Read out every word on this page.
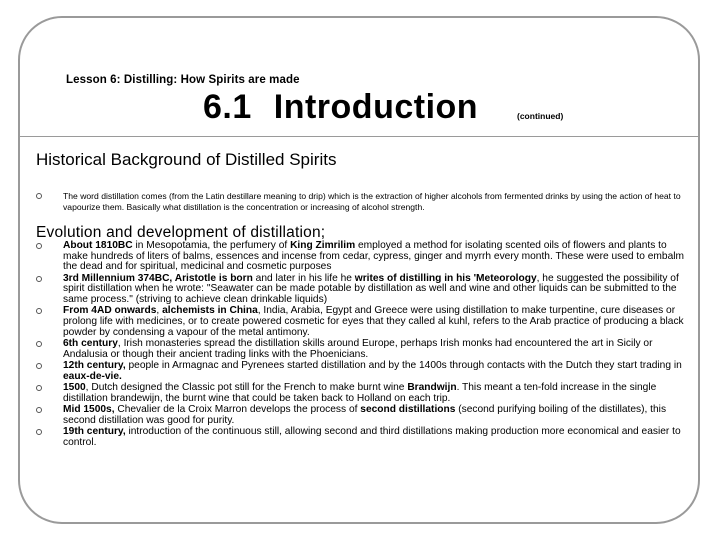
Lesson 6: Distilling: How Spirits are made
6.1 Introduction	(continued)
Historical Background of Distilled Spirits
The word distillation comes (from the Latin destillare meaning to drip) which is the extraction of higher alcohols from fermented drinks by using the action of heat to vapourize them. Basically what distillation is the concentration or increasing of alcohol strength.
Evolution and development of distillation;
About 1810BC in Mesopotamia, the perfumery of King Zimrilim employed a method for isolating scented oils of flowers and plants to make hundreds of liters of balms, essences and incense from cedar, cypress, ginger and myrrh every month. These were used to embalm the dead and for spiritual, medicinal and cosmetic purposes
3rd Millennium 374BC, Aristotle is born and later in his life he writes of distilling in his 'Meteorology, he suggested the possibility of spirit distillation when he wrote: "Seawater can be made potable by distillation as well and wine and other liquids can be submitted to the same process." (striving to achieve clean drinkable liquids)
From 4AD onwards, alchemists in China, India, Arabia, Egypt and Greece were using distillation to make turpentine, cure diseases or prolong life with medicines, or to create powered cosmetic for eyes that they called al kuhl, refers to the Arab practice of producing a black powder by condensing a vapour of the metal antimony.
6th century, Irish monasteries spread the distillation skills around Europe, perhaps Irish monks had encountered the art in Sicily or Andalusia or though their ancient trading links with the Phoenicians.
12th century, people in Armagnac and Pyrenees started distillation and by the 1400s through contacts with the Dutch they start trading in eaux-de-vie.
1500, Dutch designed the Classic pot still for the French to make burnt wine Brandwijn. This meant a ten-fold increase in the single distillation brandewijn, the burnt wine that could be taken back to Holland on each trip.
Mid 1500s, Chevalier de la Croix Marron develops the process of second distillations (second purifying boiling of the distillates), this second distillation was good for purity.
19th century, introduction of the continuous still, allowing second and third distillations making production more economical and easier to control.
